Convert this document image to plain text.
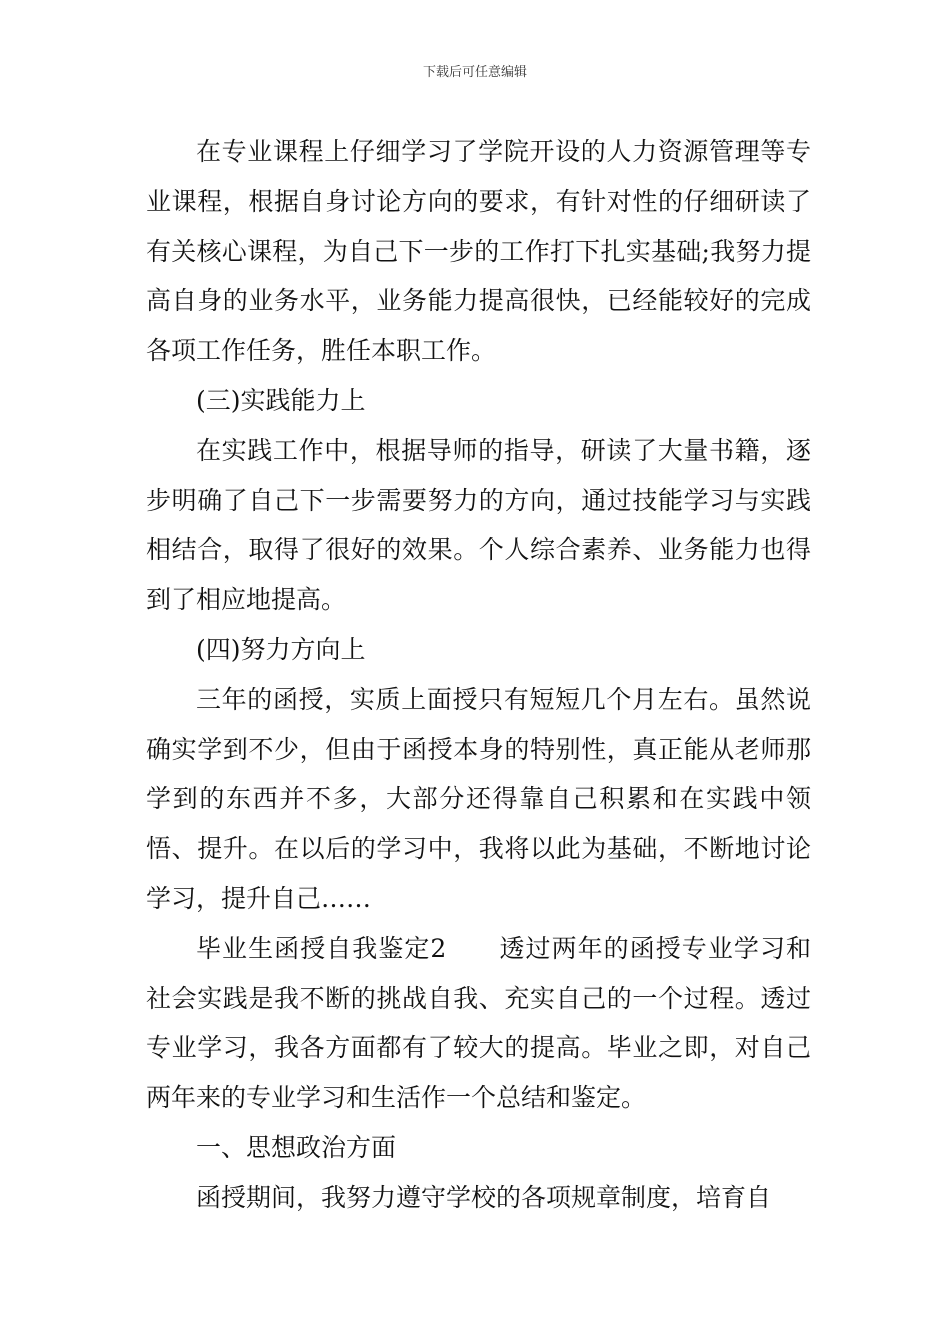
下载后可任意编辑

在专业课程上仔细学习了学院开设的人力资源管理等专业课程，根据自身讨论方向的要求，有针对性的仔细研读了有关核心课程，为自己下一步的工作打下扎实基础;我努力提高自身的业务水平，业务能力提高很快，已经能较好的完成各项工作任务，胜任本职工作。

(三)实践能力上

在实践工作中，根据导师的指导，研读了大量书籍，逐步明确了自己下一步需要努力的方向，通过技能学习与实践相结合，取得了很好的效果。个人综合素养、业务能力也得到了相应地提高。

(四)努力方向上

三年的函授，实质上面授只有短短几个月左右。虽然说确实学到不少，但由于函授本身的特别性，真正能从老师那学到的东西并不多，大部分还得靠自己积累和在实践中领悟、提升。在以后的学习中，我将以此为基础，不断地讨论学习，提升自己……

毕业生函授自我鉴定2　　透过两年的函授专业学习和社会实践是我不断的挑战自我、充实自己的一个过程。透过专业学习，我各方面都有了较大的提高。毕业之即，对自己两年来的专业学习和生活作一个总结和鉴定。

一、思想政治方面

函授期间，我努力遵守学校的各项规章制度，培育自
